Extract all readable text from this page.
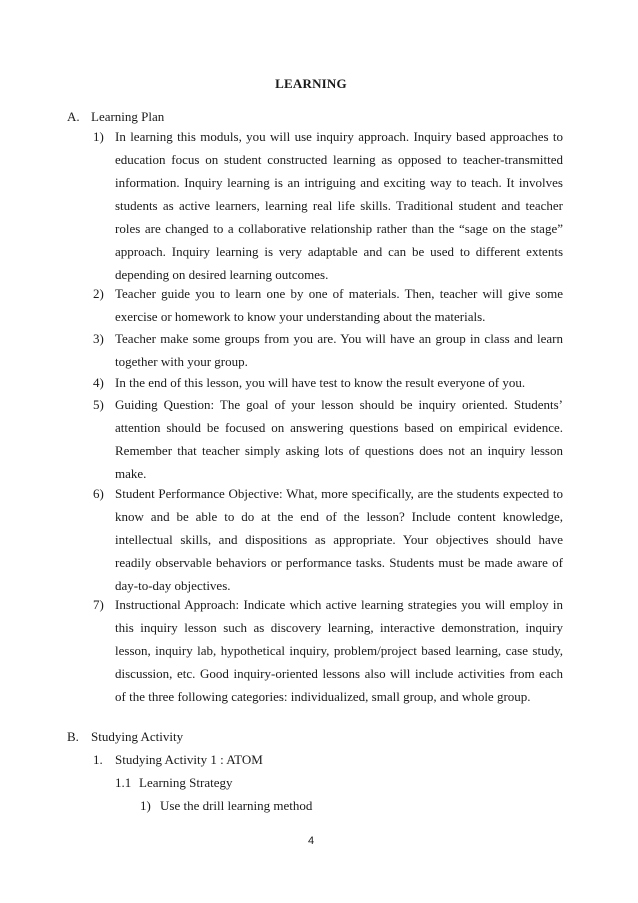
LEARNING
A. Learning Plan
1) In learning this moduls, you will use inquiry approach. Inquiry based approaches to education focus on student constructed learning as opposed to teacher-transmitted information. Inquiry learning is an intriguing and exciting way to teach. It involves students as active learners, learning real life skills. Traditional student and teacher roles are changed to a collaborative relationship rather than the “sage on the stage” approach. Inquiry learning is very adaptable and can be used to different extents depending on desired learning outcomes.
2) Teacher guide you to learn one by one of materials. Then, teacher will give some exercise or homework to know your understanding about the materials.
3) Teacher make some groups from you are. You will have an group in class and learn together with your group.
4) In the end of this lesson, you will have test to know the result everyone of you.
5) Guiding Question: The goal of your lesson should be inquiry oriented. Students’ attention should be focused on answering questions based on empirical evidence. Remember that teacher simply asking lots of questions does not an inquiry lesson make.
6) Student Performance Objective: What, more specifically, are the students expected to know and be able to do at the end of the lesson? Include content knowledge, intellectual skills, and dispositions as appropriate. Your objectives should have readily observable behaviors or performance tasks. Students must be made aware of day-to-day objectives.
7) Instructional Approach: Indicate which active learning strategies you will employ in this inquiry lesson such as discovery learning, interactive demonstration, inquiry lesson, inquiry lab, hypothetical inquiry, problem/project based learning, case study, discussion, etc. Good inquiry-oriented lessons also will include activities from each of the three following categories: individualized, small group, and whole group.
B. Studying Activity
1. Studying Activity 1 : ATOM
1.1 Learning Strategy
1) Use the drill learning method
4
